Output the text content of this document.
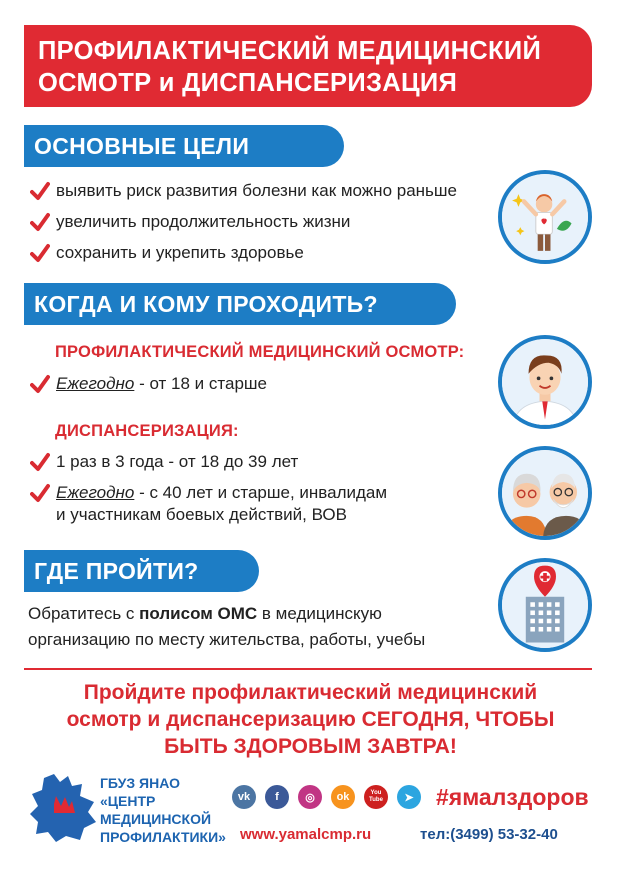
ПРОФИЛАКТИЧЕСКИЙ МЕДИЦИНСКИЙ
ОСМОТР и ДИСПАНСЕРИЗАЦИЯ
ОСНОВНЫЕ ЦЕЛИ
выявить риск развития болезни как можно раньше
увеличить продолжительность жизни
сохранить и укрепить здоровье
КОГДА И КОМУ ПРОХОДИТЬ?
ПРОФИЛАКТИЧЕСКИЙ МЕДИЦИНСКИЙ ОСМОТР:
Ежегодно - от 18 и старше
ДИСПАНСЕРИЗАЦИЯ:
1 раз в 3 года - от 18 до 39 лет
Ежегодно - с 40 лет и старше, инвалидам
и участникам боевых действий, ВОВ
ГДЕ ПРОЙТИ?
Обратитесь с полисом ОМС в медицинскую
организацию по месту жительства, работы, учебы
Пройдите профилактический медицинский
осмотр и диспансеризацию СЕГОДНЯ, ЧТОБЫ
БЫТЬ ЗДОРОВЫМ ЗАВТРА!
ГБУЗ ЯНАО
«ЦЕНТР
МЕДИЦИНСКОЙ
ПРОФИЛАКТИКИ»
vk	f	◎	ok	You Tube	➤ #ямалздоров
www.yamalcmp.ru	тел:(3499) 53-32-40
